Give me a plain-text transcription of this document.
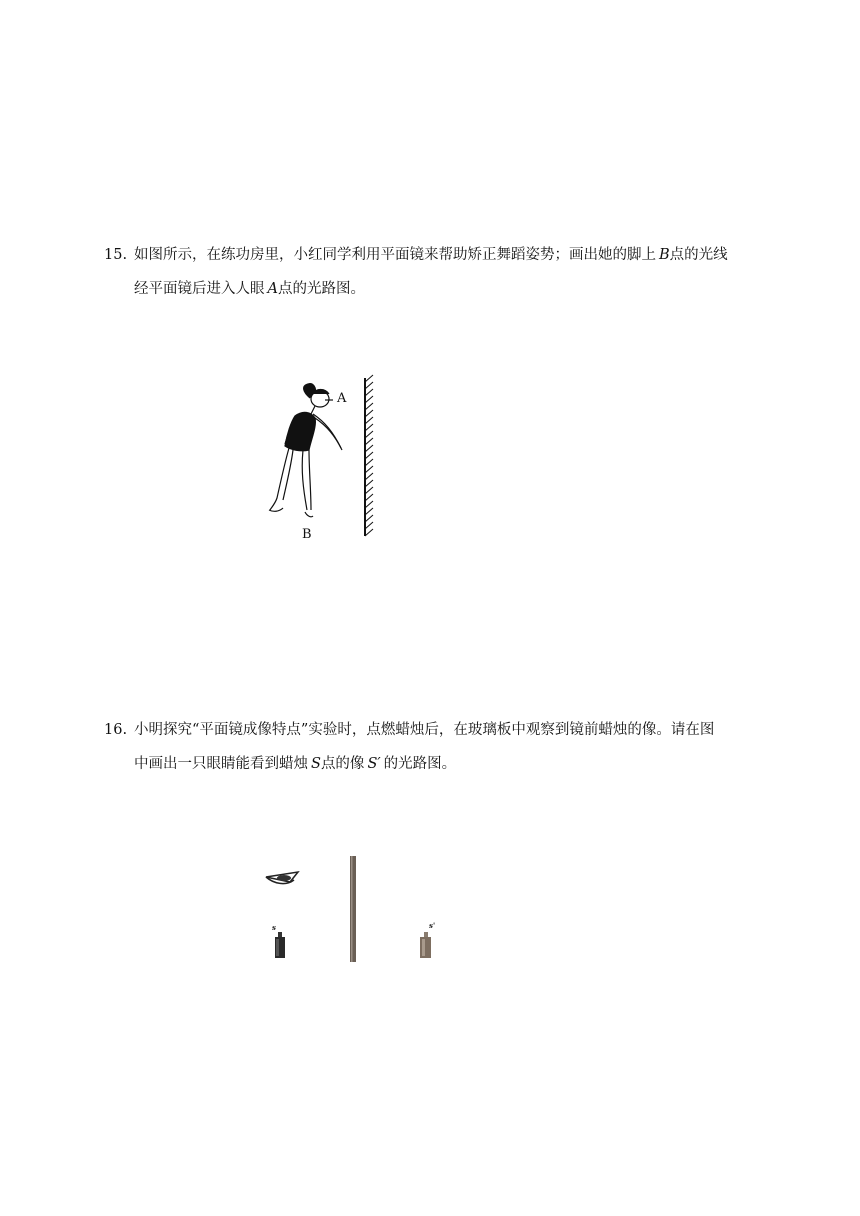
15. 如图所示，在练功房里，小红同学利用平面镜来帮助矫正舞蹈姿势；画出她的脚上 B点的光线
经平面镜后进入人眼 A点的光路图。
A
B
16. 小明探究“平面镜成像特点”实验时，点燃蜡烛后，在玻璃板中观察到镜前蜡烛的像。请在图
中画出一只眼睛能看到蜡烛 S点的像 S′ 的光路图。
s	s'
